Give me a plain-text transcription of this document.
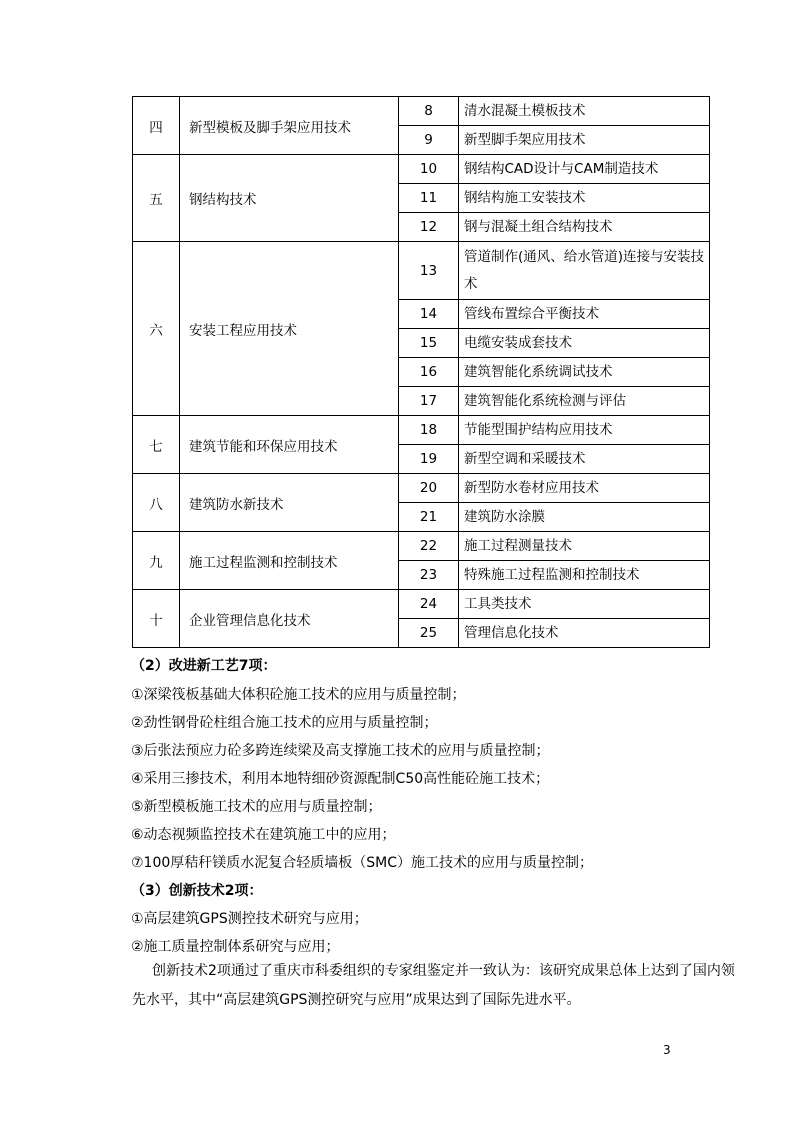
四	新型模板及脚手架应用技术	8	清水混凝土模板技术
		9	新型脚手架应用技术
五	钢结构技术	10	钢结构CAD设计与CAM制造技术
		11	钢结构施工安装技术
		12	钢与混凝土组合结构技术
六	安装工程应用技术	13	管道制作(通风、给水管道)连接与安装技术
		14	管线布置综合平衡技术
		15	电缆安装成套技术
		16	建筑智能化系统调试技术
		17	建筑智能化系统检测与评估
七	建筑节能和环保应用技术	18	节能型围护结构应用技术
		19	新型空调和采暖技术
八	建筑防水新技术	20	新型防水卷材应用技术
		21	建筑防水涂膜
九	施工过程监测和控制技术	22	施工过程测量技术
		23	特殊施工过程监测和控制技术
十	企业管理信息化技术	24	工具类技术
		25	管理信息化技术
（2）改进新工艺7项：
①深梁筏板基础大体积砼施工技术的应用与质量控制；
②劲性钢骨砼柱组合施工技术的应用与质量控制；
③后张法预应力砼多跨连续梁及高支撑施工技术的应用与质量控制；
④采用三掺技术，利用本地特细砂资源配制C50高性能砼施工技术；
⑤新型模板施工技术的应用与质量控制；
⑥动态视频监控技术在建筑施工中的应用；
⑦100厚秸秆镁质水泥复合轻质墙板（SMC）施工技术的应用与质量控制；
（3）创新技术2项：
①高层建筑GPS测控技术研究与应用；
②施工质量控制体系研究与应用；
创新技术2项通过了重庆市科委组织的专家组鉴定并一致认为：该研究成果总体上达到了国内领先水平，其中“高层建筑GPS测控研究与应用”成果达到了国际先进水平。
3
